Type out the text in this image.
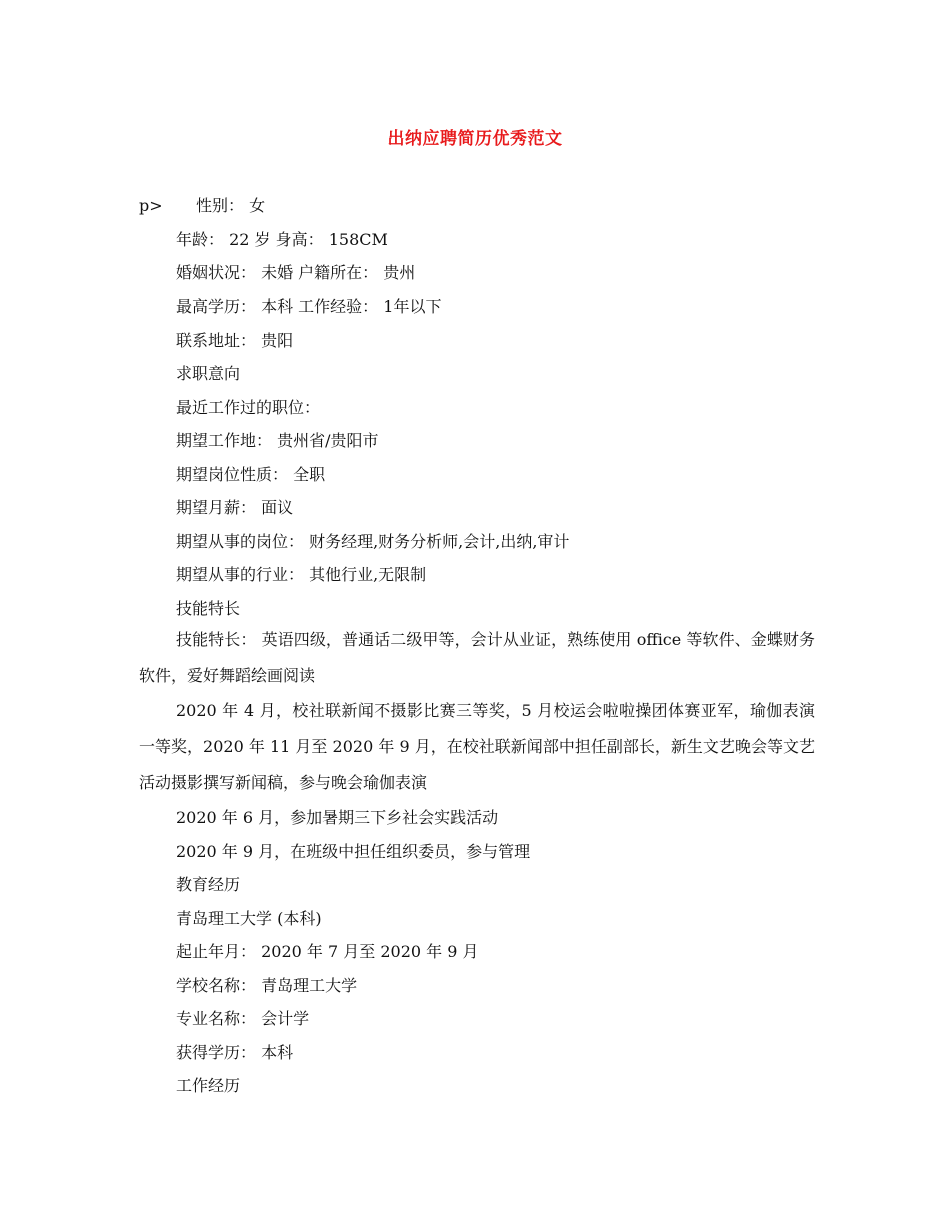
出纳应聘简历优秀范文
p> 性别： 女
年龄： 22 岁 身高： 158CM
婚姻状况： 未婚 户籍所在： 贵州
最高学历： 本科 工作经验： 1年以下
联系地址： 贵阳
求职意向
最近工作过的职位：
期望工作地： 贵州省/贵阳市
期望岗位性质： 全职
期望月薪： 面议
期望从事的岗位： 财务经理,财务分析师,会计,出纳,审计
期望从事的行业： 其他行业,无限制
技能特长
技能特长： 英语四级，普通话二级甲等，会计从业证，熟练使用 office 等软件、金蝶财务软件，爱好舞蹈绘画阅读
2020 年 4 月，校社联新闻不摄影比赛三等奖，5 月校运会啦啦操团体赛亚军，瑜伽表演一等奖，2020 年 11 月至 2020 年 9 月，在校社联新闻部中担任副部长，新生文艺晚会等文艺活动摄影撰写新闻稿，参与晚会瑜伽表演
2020 年 6 月，参加暑期三下乡社会实践活动
2020 年 9 月，在班级中担任组织委员，参与管理
教育经历
青岛理工大学 (本科)
起止年月： 2020 年 7 月至 2020 年 9 月
学校名称： 青岛理工大学
专业名称： 会计学
获得学历： 本科
工作经历
